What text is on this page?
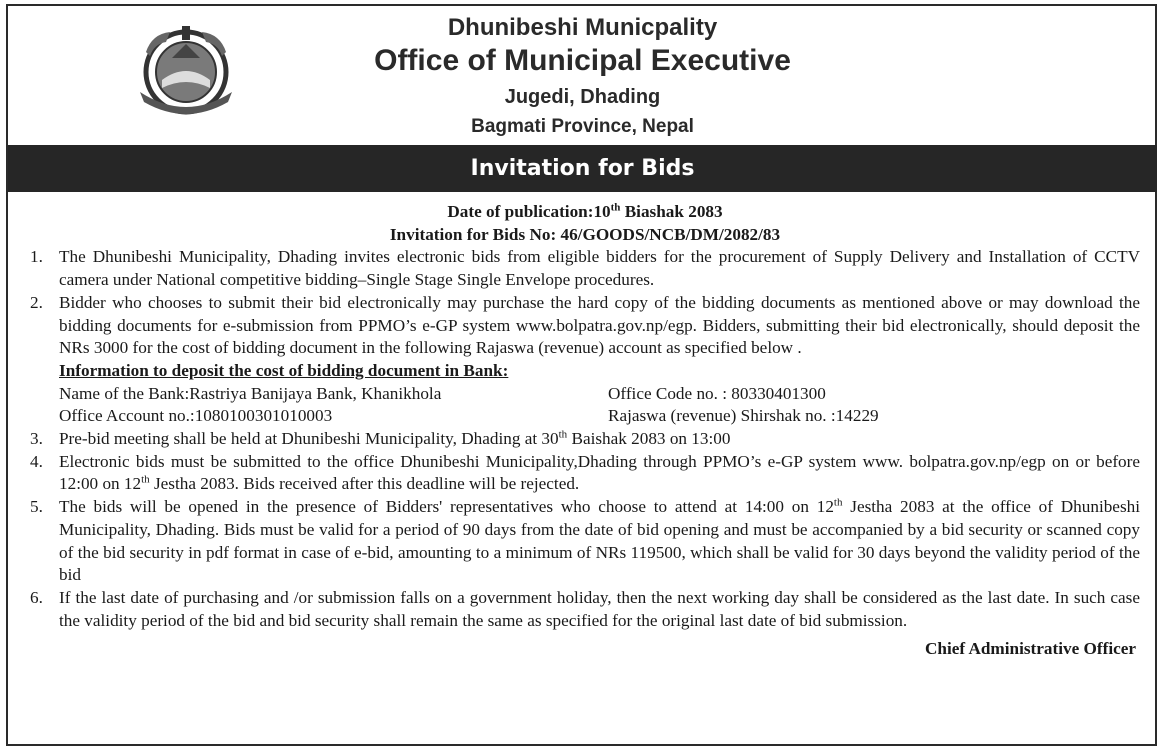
Dhunibeshi Municpality
Office of Municipal Executive
Jugedi, Dhading
Bagmati Province, Nepal
Invitation for Bids
Date of publication:10th Biashak 2083
Invitation for Bids No: 46/GOODS/NCB/DM/2082/83
1. The Dhunibeshi Municipality, Dhading invites electronic bids from eligible bidders for the procurement of Supply Delivery and Installation of CCTV camera under National competitive bidding–Single Stage Single Envelope procedures.
2. Bidder who chooses to submit their bid electronically may purchase the hard copy of the bidding documents as mentioned above or may download the bidding documents for e-submission from PPMO’s e-GP system www.bolpatra.gov.np/egp. Bidders, submitting their bid electronically, should deposit the NRs 3000 for the cost of bidding document in the following Rajaswa (revenue) account as specified below .
Information to deposit the cost of bidding document in Bank:
Name of the Bank:Rastriya Banijaya Bank, Khanikhola	Office Code no. : 80330401300
Office Account no.:1080100301010003	Rajaswa (revenue) Shirshak no. :14229
3. Pre-bid meeting shall be held at Dhunibeshi Municipality, Dhading at 30th Baishak 2083 on 13:00
4. Electronic bids must be submitted to the office Dhunibeshi Municipality,Dhading through PPMO’s e-GP system www. bolpatra.gov.np/egp on or before 12:00 on 12th Jestha 2083. Bids received after this deadline will be rejected.
5. The bids will be opened in the presence of Bidders' representatives who choose to attend at 14:00 on 12th Jestha 2083 at the office of Dhunibeshi Municipality, Dhading. Bids must be valid for a period of 90 days from the date of bid opening and must be accompanied by a bid security or scanned copy of the bid security in pdf format in case of e-bid, amounting to a minimum of NRs 119500, which shall be valid for 30 days beyond the validity period of the bid
6. If the last date of purchasing and /or submission falls on a government holiday, then the next working day shall be considered as the last date. In such case the validity period of the bid and bid security shall remain the same as specified for the original last date of bid submission.
Chief Administrative Officer
